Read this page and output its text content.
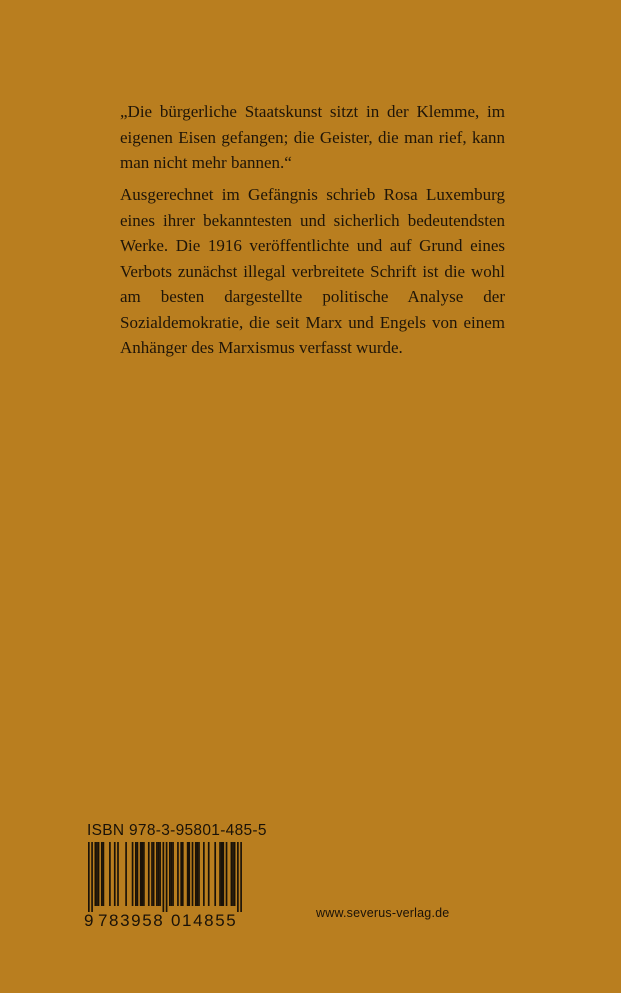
„Die bürgerliche Staatskunst sitzt in der Klemme, im eigenen Eisen gefangen; die Geister, die man rief, kann man nicht mehr bannen.“

Ausgerechnet im Gefängnis schrieb Rosa Luxemburg eines ihrer bekanntesten und sicherlich bedeutendsten Werke. Die 1916 veröffentlichte und auf Grund eines Verbots zunächst illegal verbreitete Schrift ist die wohl am besten dargestellte politische Analyse der Sozialdemokratie, die seit Marx und Engels von einem Anhänger des Marxismus verfasst wurde.

ISBN 978-3-95801-485-5
9 783958 014855	www.severus-verlag.de
